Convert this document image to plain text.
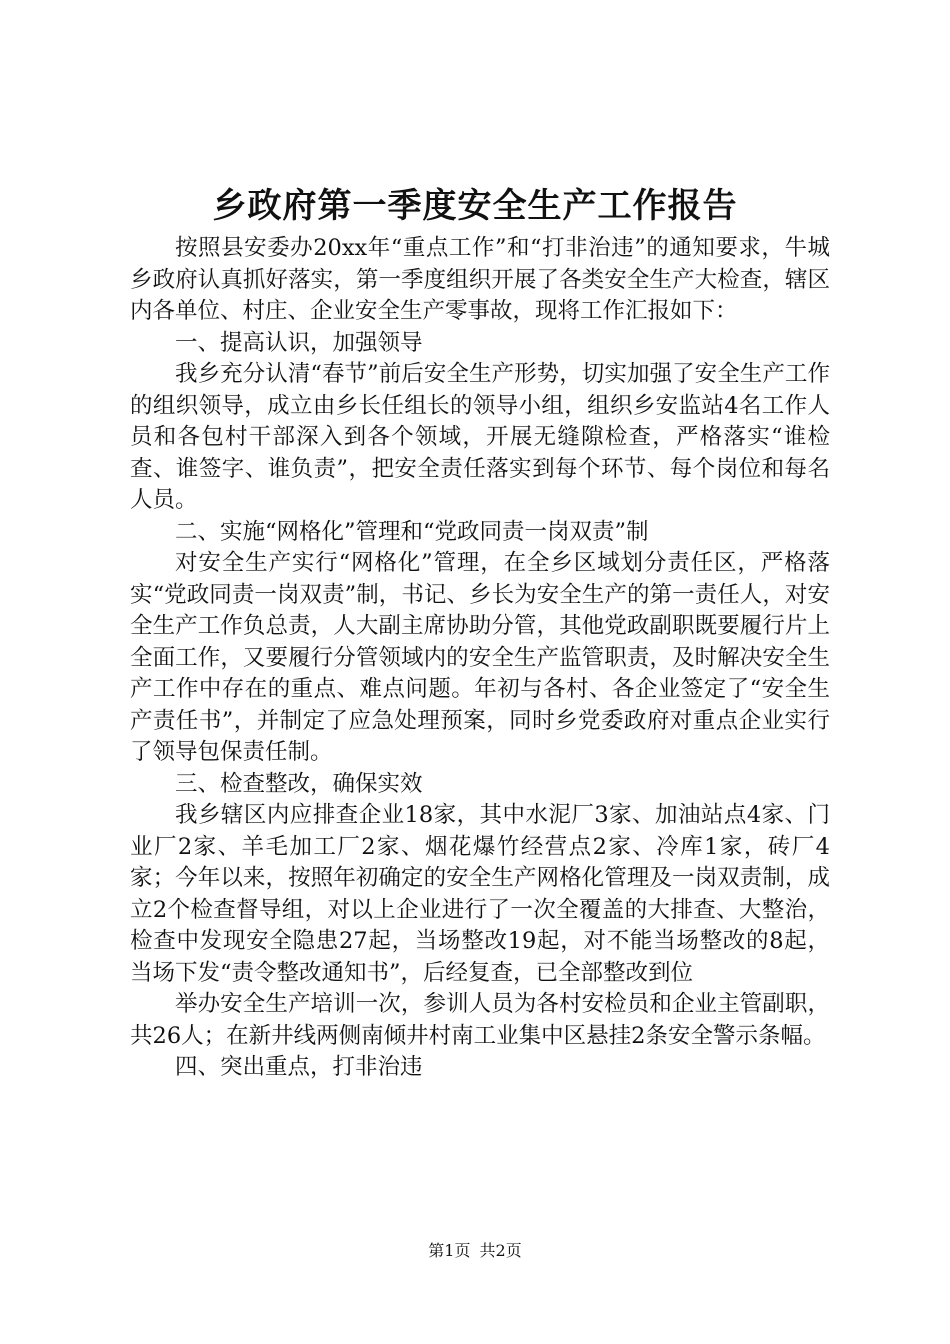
乡政府第一季度安全生产工作报告

按照县安委办20xx年“重点工作”和“打非治违”的通知要求，牛城乡政府认真抓好落实，第一季度组织开展了各类安全生产大检查，辖区内各单位、村庄、企业安全生产零事故，现将工作汇报如下：

一、提高认识，加强领导

我乡充分认清“春节”前后安全生产形势，切实加强了安全生产工作的组织领导，成立由乡长任组长的领导小组，组织乡安监站4名工作人员和各包村干部深入到各个领域，开展无缝隙检查，严格落实“谁检查、谁签字、谁负责”，把安全责任落实到每个环节、每个岗位和每名人员。

二、实施“网格化”管理和“党政同责一岗双责”制

对安全生产实行“网格化”管理，在全乡区域划分责任区，严格落实“党政同责一岗双责”制，书记、乡长为安全生产的第一责任人，对安全生产工作负总责，人大副主席协助分管，其他党政副职既要履行片上全面工作，又要履行分管领域内的安全生产监管职责，及时解决安全生产工作中存在的重点、难点问题。年初与各村、各企业签定了“安全生产责任书”，并制定了应急处理预案，同时乡党委政府对重点企业实行了领导包保责任制。

三、检查整改，确保实效

我乡辖区内应排查企业18家，其中水泥厂3家、加油站点4家、门业厂2家、羊毛加工厂2家、烟花爆竹经营点2家、冷库1家，砖厂4家；今年以来，按照年初确定的安全生产网格化管理及一岗双责制，成立2个检查督导组，对以上企业进行了一次全覆盖的大排查、大整治，检查中发现安全隐患27起，当场整改19起，对不能当场整改的8起，当场下发“责令整改通知书”，后经复查，已全部整改到位

举办安全生产培训一次，参训人员为各村安检员和企业主管副职，共26人；在新井线两侧南倾井村南工业集中区悬挂2条安全警示条幅。

四、突出重点，打非治违

第1页 共2页
